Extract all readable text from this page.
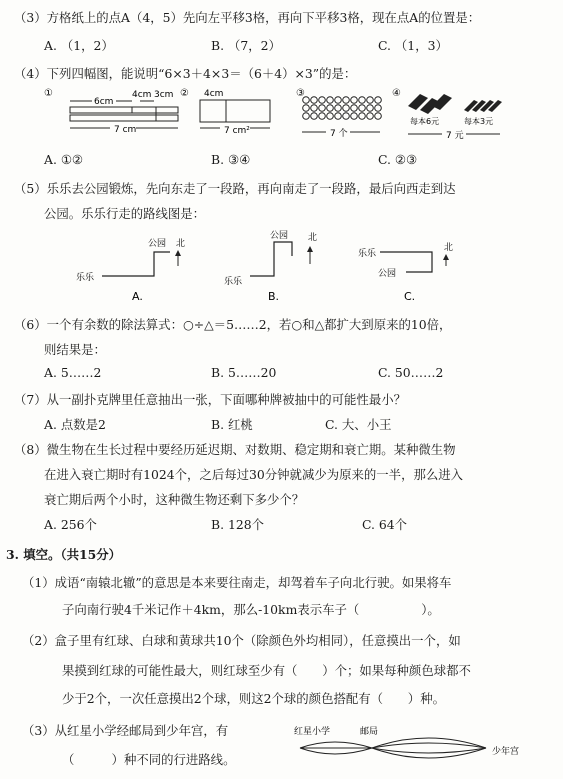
（3）方格纸上的点A（4，5）先向左平移3格，再向下平移3格，现在点A的位置是：
A. （1，2）	B. （7，2）	C. （1，3）
（4）下列四幅图，能说明“6×3＋4×3＝（6＋4）×3”的是：
①
6cm
4cm 3cm
7 cm
② 4cm
7 cm²
③
7 个
④
每本6元	每本3元
7 元
A. ①②	B. ③④	C. ②③
（5）乐乐去公园锻炼，先向东走了一段路，再向南走了一段路，最后向西走到达
公园。乐乐行走的路线图是：
公园 北
乐乐
A.
公园 北
乐乐
B.
乐乐
北
公园
C.
（6）一个有余数的除法算式：○÷△＝5……2，若○和△都扩大到原来的10倍，
则结果是：
A. 5……2	B. 5……20	C. 50……2
（7）从一副扑克牌里任意抽出一张，下面哪种牌被抽中的可能性最小？
A. 点数是2	B. 红桃	C. 大、小王
（8）微生物在生长过程中要经历延迟期、对数期、稳定期和衰亡期。某种微生物
在进入衰亡期时有1024个，之后每过30分钟就减少为原来的一半，那么进入
衰亡期后两个小时，这种微生物还剩下多少个？
A. 256个	B. 128个	C. 64个
3. 填空。（共15分）
（1）成语“南辕北辙”的意思是本来要往南走，却驾着车子向北行驶。如果将车
子向南行驶4千米记作＋4km，那么-10km表示车子（　　　　　）。
（2）盒子里有红球、白球和黄球共10个（除颜色外均相同），任意摸出一个，如
果摸到红球的可能性最大，则红球至少有（　　）个；如果每种颜色球都不
少于2个，一次任意摸出2个球，则这2个球的颜色搭配有（　　）种。
（3）从红星小学经邮局到少年宫，有
（　　　）种不同的行进路线。
红星小学	邮局
少年宫
